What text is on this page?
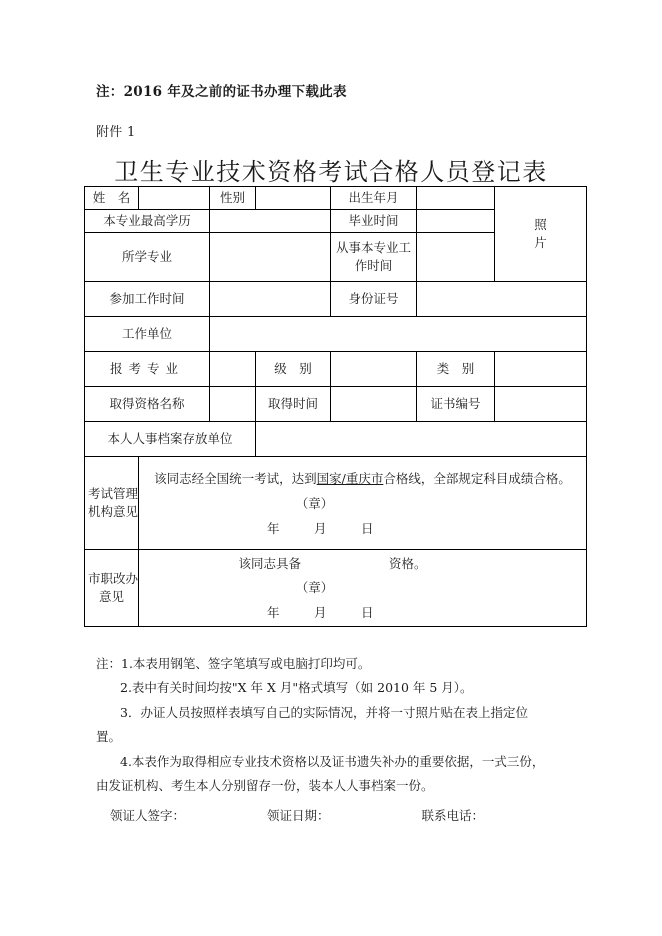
注：2016 年及之前的证书办理下载此表
附件 1
卫生专业技术资格考试合格人员登记表
姓　名		性别		出生年月		照
片
本专业最高学历				毕业时间		
所学专业				从事本专业工
作时间		
参加工作时间				身份证号		
工作单位						
报考专业			级　别		类　别	
取得资格名称			取得时间		证书编号	
本人人事档案存放单位						
考试管理
机构意见	
该同志经全国统一考试，达到国家/重庆市合格线，全部规定科目成绩合格。
（章）
年	月	日

市职改办
意见	
该同志具备	资格。
（章）
年	月	日

注：1.本表用钢笔、签字笔填写或电脑打印均可。

2.表中有关时间均按"X 年 X 月"格式填写（如 2010 年 5 月）。

3．办证人员按照样表填写自己的实际情况，并将一寸照片贴在表上指定位

置。

4.本表作为取得相应专业技术资格以及证书遗失补办的重要依据，一式三份，

由发证机构、考生本人分别留存一份，装本人人事档案一份。

领证人签字：	领证日期：	联系电话：
